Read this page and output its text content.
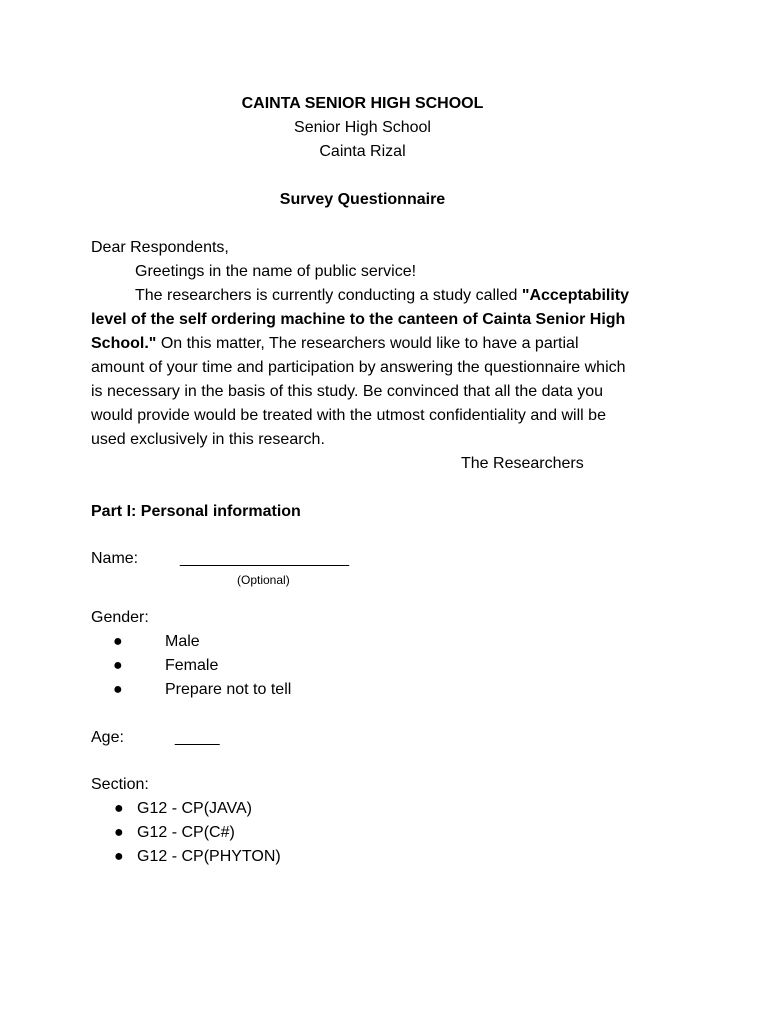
CAINTA SENIOR HIGH SCHOOL
Senior High School
Cainta Rizal
Survey Questionnaire
Dear Respondents,
Greetings in the name of public service!
The researchers is currently conducting a study called "Acceptability
level of the self ordering machine to the canteen of Cainta Senior High
School." On this matter, The researchers would like to have a partial
amount of your time and participation by answering the questionnaire which
is necessary in the basis of this study. Be convinced that all the data you
would provide would be treated with the utmost confidentiality and will be
used exclusively in this research.
The Researchers
Part I: Personal information
Name:	___________________
(Optional)
Gender:
●	Male
●	Female
●	Prepare not to tell
Age:	_____
Section:
● G12 - CP(JAVA)
● G12 - CP(C#)
● G12 - CP(PHYTON)
